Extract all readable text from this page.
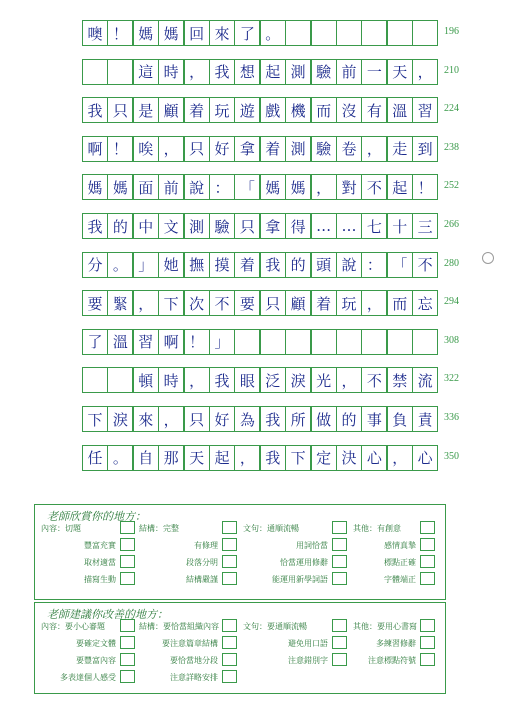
噢 ！ 媽 媽 回 來 了 。	196
這 時 ， 我 想 起 測 驗 前 一 天 ，	210
我 只 是 顧 着 玩 遊 戲 機 而 沒 有 溫 習	224
啊 ！ 唉 ， 只 好 拿 着 測 驗 卷 ， 走 到	238
媽 媽 面 前 說 ： 「 媽 媽 ， 對 不 起 ！	252
我 的 中 文 測 驗 只 拿 得 … … 七 十 三	266
分 。 」 她 撫 摸 着 我 的 頭 說 ： 「 不	280
要 緊 ， 下 次 不 要 只 顧 着 玩 ， 而 忘	294
了 溫 習 啊 ！ 」	308
頓 時 ， 我 眼 泛 淚 光 ， 不 禁 流	322
下 淚 來 ， 只 好 為 我 所 做 的 事 負 責	336
任 。 自 那 天 起 ， 我 下 定 決 心 ， 心	350
老師欣賞你的地方：
內容：切題
豐富充實
取材適當
描寫生動
結構：完整
有條理
段落分明
結構嚴謹
文句：通順流暢
用詞恰當
恰當運用修辭
能運用新學詞語
其他：有創意
感情真摯
標點正確
字體端正
老師建議你改善的地方：
內容：要小心審題
要確定文體
要豐富內容
多表達個人感受
結構：要恰當組織內容
要注意篇章結構
要恰當地分段
注意詳略安排
文句：要通順流暢
避免用口語
注意錯別字
其他：要用心書寫
多練習修辭
注意標點符號
